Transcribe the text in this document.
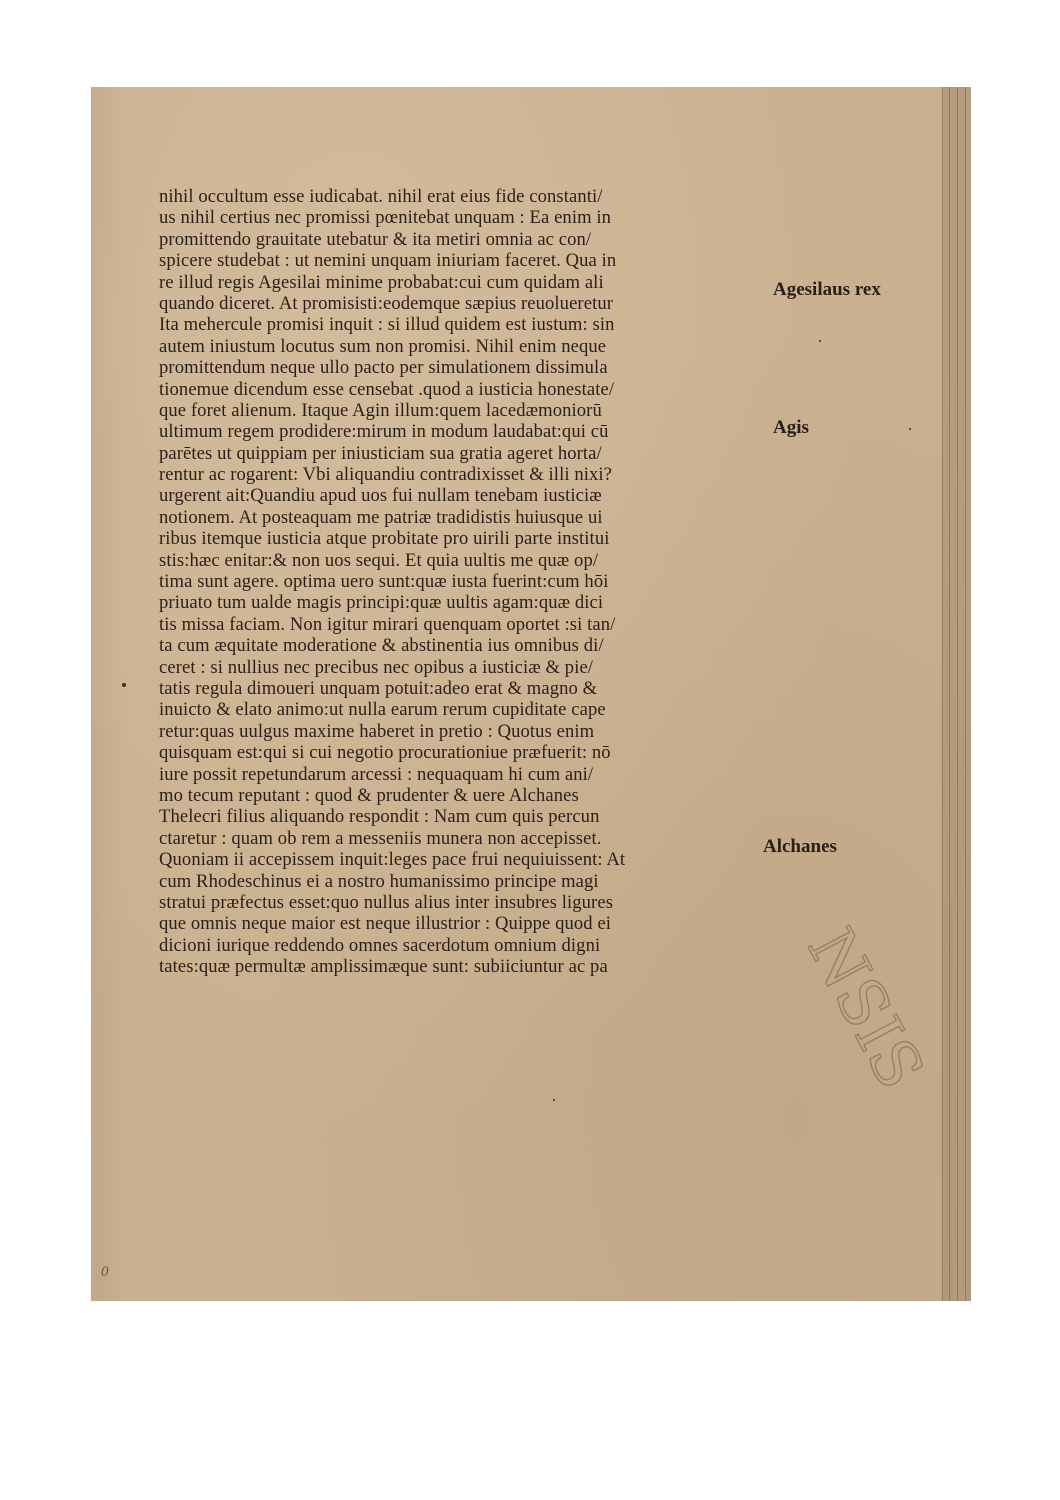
nihil occultum esse iudicabat. nihil erat eius fide constanti/
us nihil certius nec promissi pœnitebat unquam : Ea enim in
promittendo grauitate utebatur & ita metiri omnia ac con/
spicere studebat : ut nemini unquam iniuriam faceret. Qua in
re illud regis Agesilai minime probabat:cui cum quidam ali
quando diceret. At promisisti:eodemque sæpius reuolueretur
Ita mehercule promisi inquit : si illud quidem est iustum: sin
autem iniustum locutus sum non promisi. Nihil enim neque
promittendum neque ullo pacto per simulationem dissimula
tionemue dicendum esse censebat .quod a iusticia honestate/
que foret alienum. Itaque Agin illum:quem lacedæmoniorū
ultimum regem prodidere:mirum in modum laudabat:qui cū
parētes ut quippiam per iniusticiam sua gratia ageret horta/
rentur ac rogarent: Vbi aliquandiu contradixisset & illi nixi?
urgerent ait:Quandiu apud uos fui nullam tenebam iusticiæ
notionem. At posteaquam me patriæ tradidistis huiusque ui
ribus itemque iusticia atque probitate pro uirili parte institui
stis:hæc enitar:& non uos sequi. Et quia uultis me quæ op/
tima sunt agere. optima uero sunt:quæ iusta fuerint:cum hōi
priuato tum ualde magis principi:quæ uultis agam:quæ dici
tis missa faciam. Non igitur mirari quenquam oportet :si tan/
ta cum æquitate moderatione & abstinentia ius omnibus di/
ceret : si nullius nec precibus nec opibus a iusticiæ & pie/
tatis regula dimoueri unquam potuit:adeo erat & magno &
inuicto & elato animo:ut nulla earum rerum cupiditate cape
retur:quas uulgus maxime haberet in pretio : Quotus enim
quisquam est:qui si cui negotio procurationiue præfuerit: nō
iure possit repetundarum arcessi : nequaquam hi cum ani/
mo tecum reputant : quod & prudenter & uere Alchanes
Thelecri filius aliquando respondit : Nam cum quis percun
ctaretur : quam ob rem a messeniis munera non accepisset.
Quoniam ii accepissem inquit:leges pace frui nequiuissent: At
cum Rhodeschinus ei a nostro humanissimo principe magi
stratui præfectus esset:quo nullus alius inter insubres ligures
que omnis neque maior est neque illustrior : Quippe quod ei
dicioni iurique reddendo omnes sacerdotum omnium digni
tates:quæ permultæ amplissimæque sunt: subiiciuntur ac pa
Agesilaus rex
Agis
Alchanes
NSIS
0
